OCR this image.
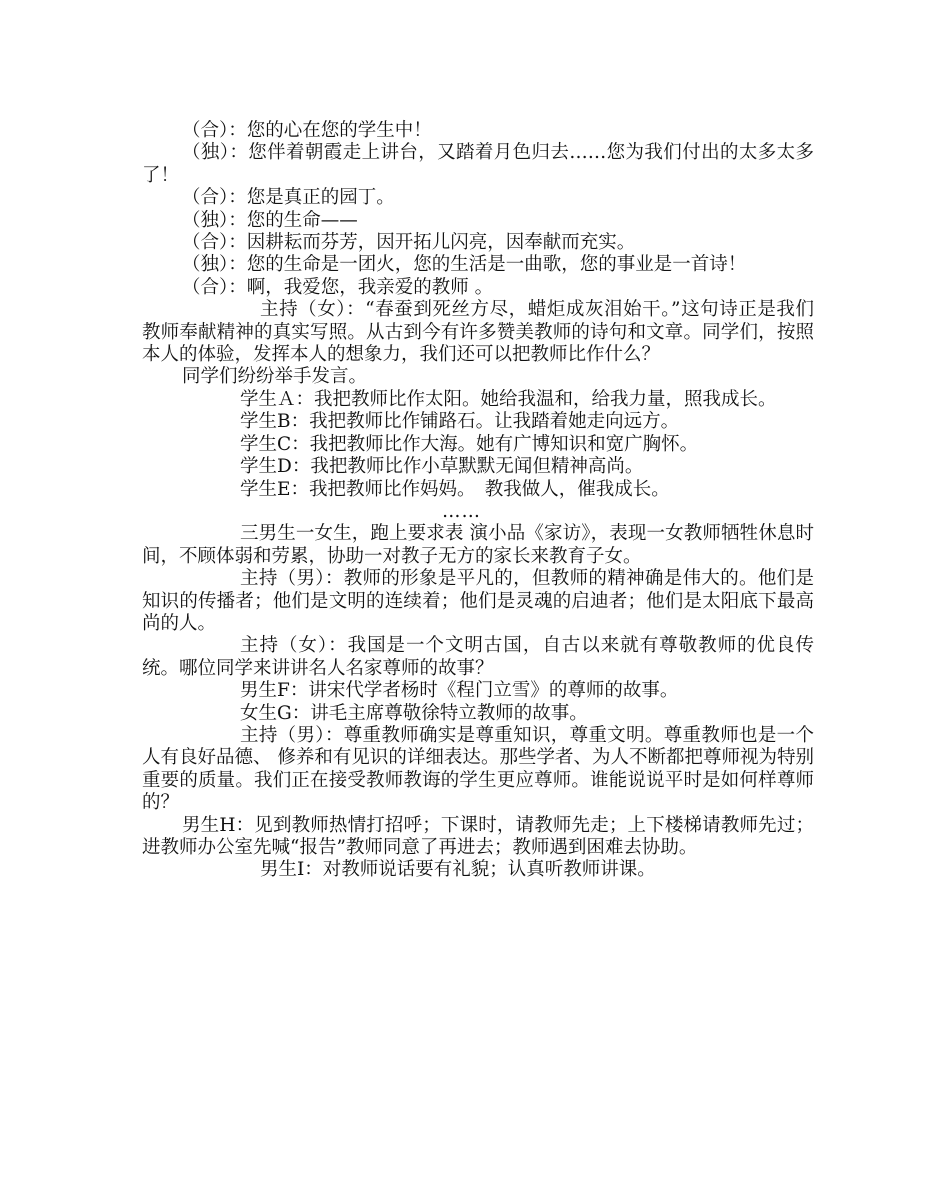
（合）：您的心在您的学生中！

（独）：您伴着朝霞走上讲台，又踏着月色归去……您为我们付出的太多太多了！

（合）：您是真正的园丁。

（独）：您的生命——

（合）：因耕耘而芬芳，因开拓儿闪亮，因奉献而充实。

（独）：您的生命是一团火，您的生活是一曲歌，您的事业是一首诗！

（合）：啊，我爱您，我亲爱的教师 。

主持（女）：“春蚕到死丝方尽，蜡炬成灰泪始干。”这句诗正是我们教师奉献精神的真实写照。从古到今有许多赞美教师的诗句和文章。同学们，按照本人的体验，发挥本人的想象力，我们还可以把教师比作什么？

同学们纷纷举手发言。

学生Ａ：我把教师比作太阳。她给我温和，给我力量，照我成长。

学生B：我把教师比作铺路石。让我踏着她走向远方。

学生C：我把教师比作大海。她有广博知识和宽广胸怀。

学生D：我把教师比作小草默默无闻但精神高尚。

学生E：我把教师比作妈妈。　教我做人，催我成长。

……

三男生一女生，跑上要求表 演小品《家访》，表现一女教师牺牲休息时间，不顾体弱和劳累，协助一对教子无方的家长来教育子女。

主持（男）：教师的形象是平凡的，但教师的精神确是伟大的。他们是知识的传播者；他们是文明的连续着；他们是灵魂的启迪者；他们是太阳底下最高尚的人。

主持（女）：我国是一个文明古国，自古以来就有尊敬教师的优良传统。哪位同学来讲讲名人名家尊师的故事？

男生F：讲宋代学者杨时《程门立雪》的尊师的故事。

女生G：讲毛主席尊敬徐特立教师的故事。

主持（男）：尊重教师确实是尊重知识，尊重文明。尊重教师也是一个人有良好品德、 修养和有见识的详细表达。那些学者、为人不断都把尊师视为特别重要的质量。我们正在接受教师教诲的学生更应尊师。谁能说说平时是如何样尊师的？

男生H：见到教师热情打招呼；下课时，请教师先走；上下楼梯请教师先过；进教师办公室先喊“报告”教师同意了再进去；教师遇到困难去协助。

男生I：对教师说话要有礼貌；认真听教师讲课。
